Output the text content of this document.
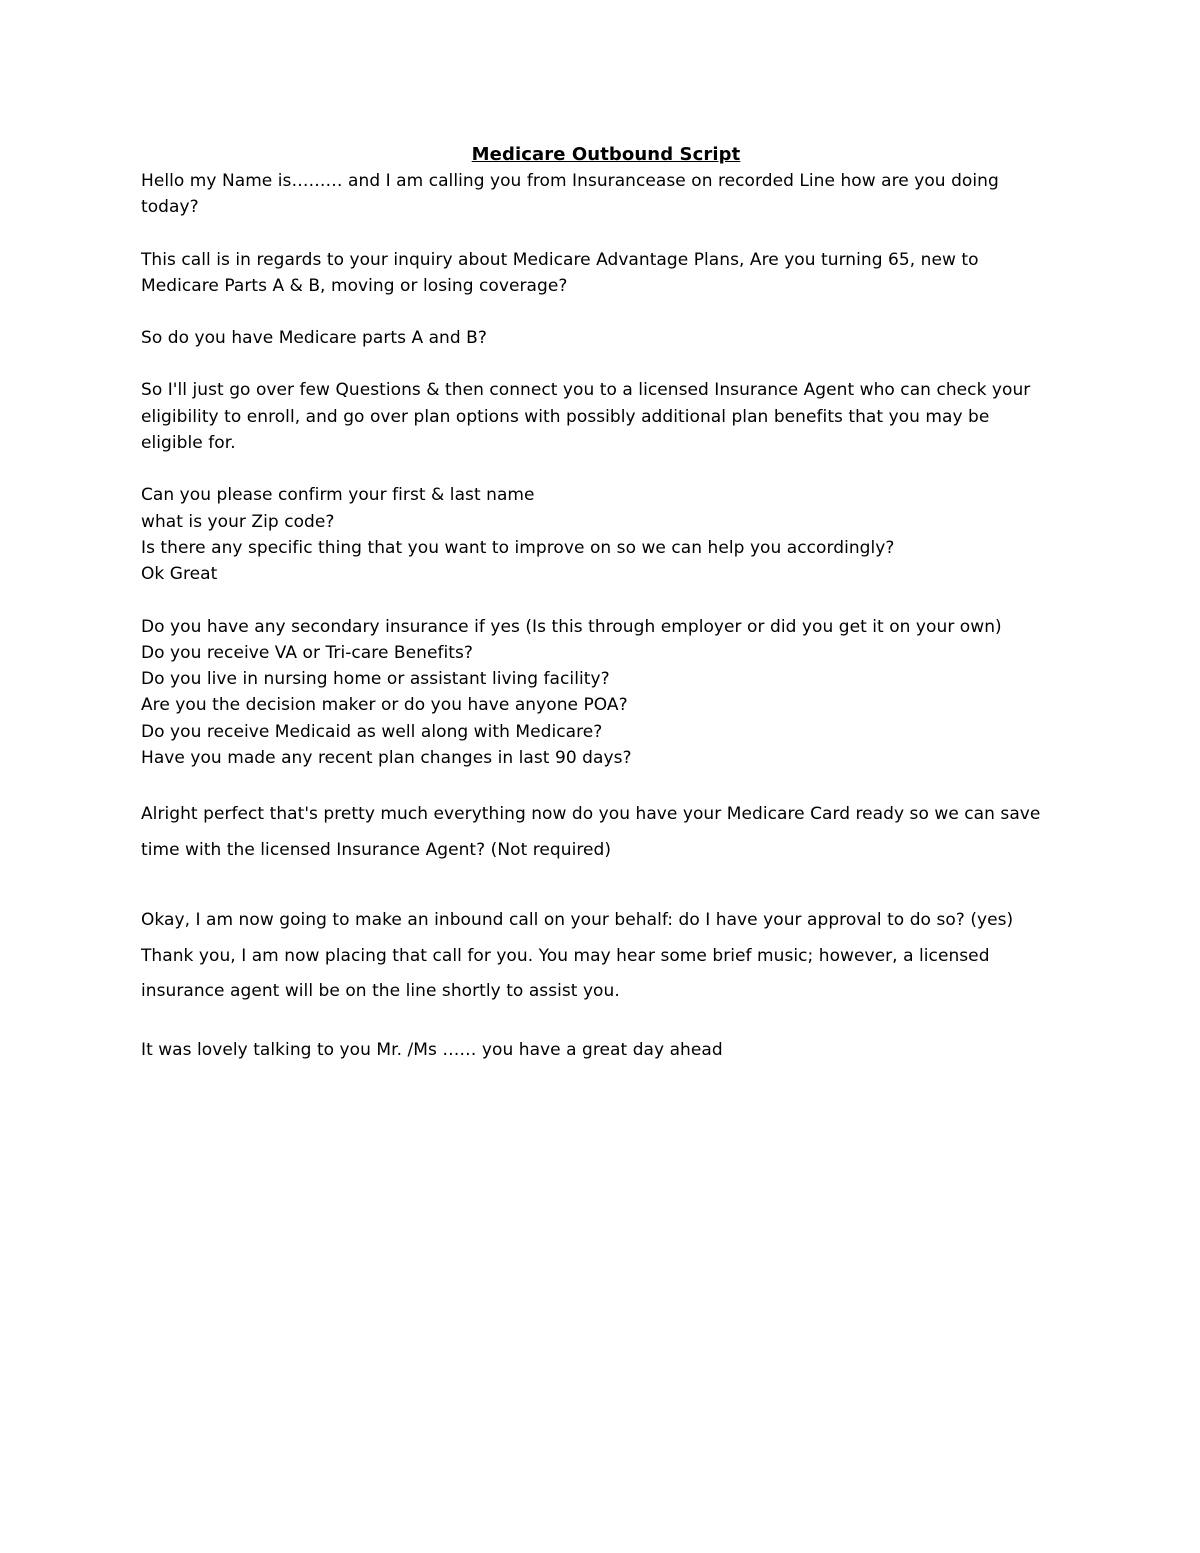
Medicare Outbound Script

Hello my Name is……… and I am calling you from Insurancease on recorded Line how are you doing

today?

This call is in regards to your inquiry about Medicare Advantage Plans, Are you turning 65, new to

Medicare Parts A & B, moving or losing coverage?

So do you have Medicare parts A and B?

So I'll just go over few Questions & then connect you to a licensed Insurance Agent who can check your

eligibility to enroll, and go over plan options with possibly additional plan benefits that you may be

eligible for.

Can you please confirm your first & last name

what is your Zip code?

Is there any specific thing that you want to improve on so we can help you accordingly?

Ok Great

Do you have any secondary insurance if yes (Is this through employer or did you get it on your own)

Do you receive VA or Tri-care Benefits?

Do you live in nursing home or assistant living facility?

Are you the decision maker or do you have anyone POA?

Do you receive Medicaid as well along with Medicare?

Have you made any recent plan changes in last 90 days?

Alright perfect that's pretty much everything now do you have your Medicare Card ready so we can save

time with the licensed Insurance Agent? (Not required)

Okay, I am now going to make an inbound call on your behalf: do I have your approval to do so? (yes)

Thank you, I am now placing that call for you. You may hear some brief music; however, a licensed

insurance agent will be on the line shortly to assist you.

It was lovely talking to you Mr. /Ms …… you have a great day ahead
